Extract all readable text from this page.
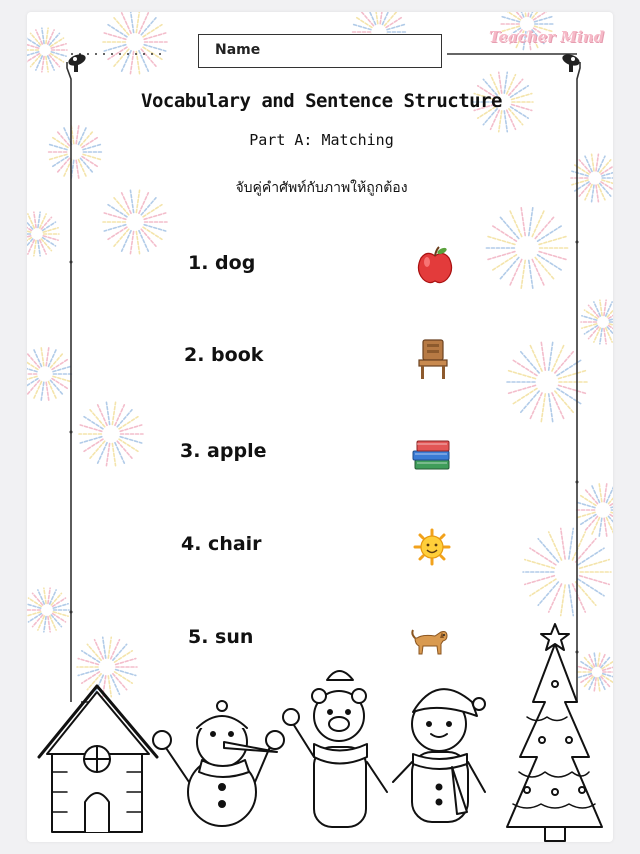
Teacher Mind
Name
Vocabulary and Sentence Structure
Part A: Matching
จับคู่คำศัพท์กับภาพให้ถูกต้อง
1. dog
2. book
3. apple
4. chair
5. sun
